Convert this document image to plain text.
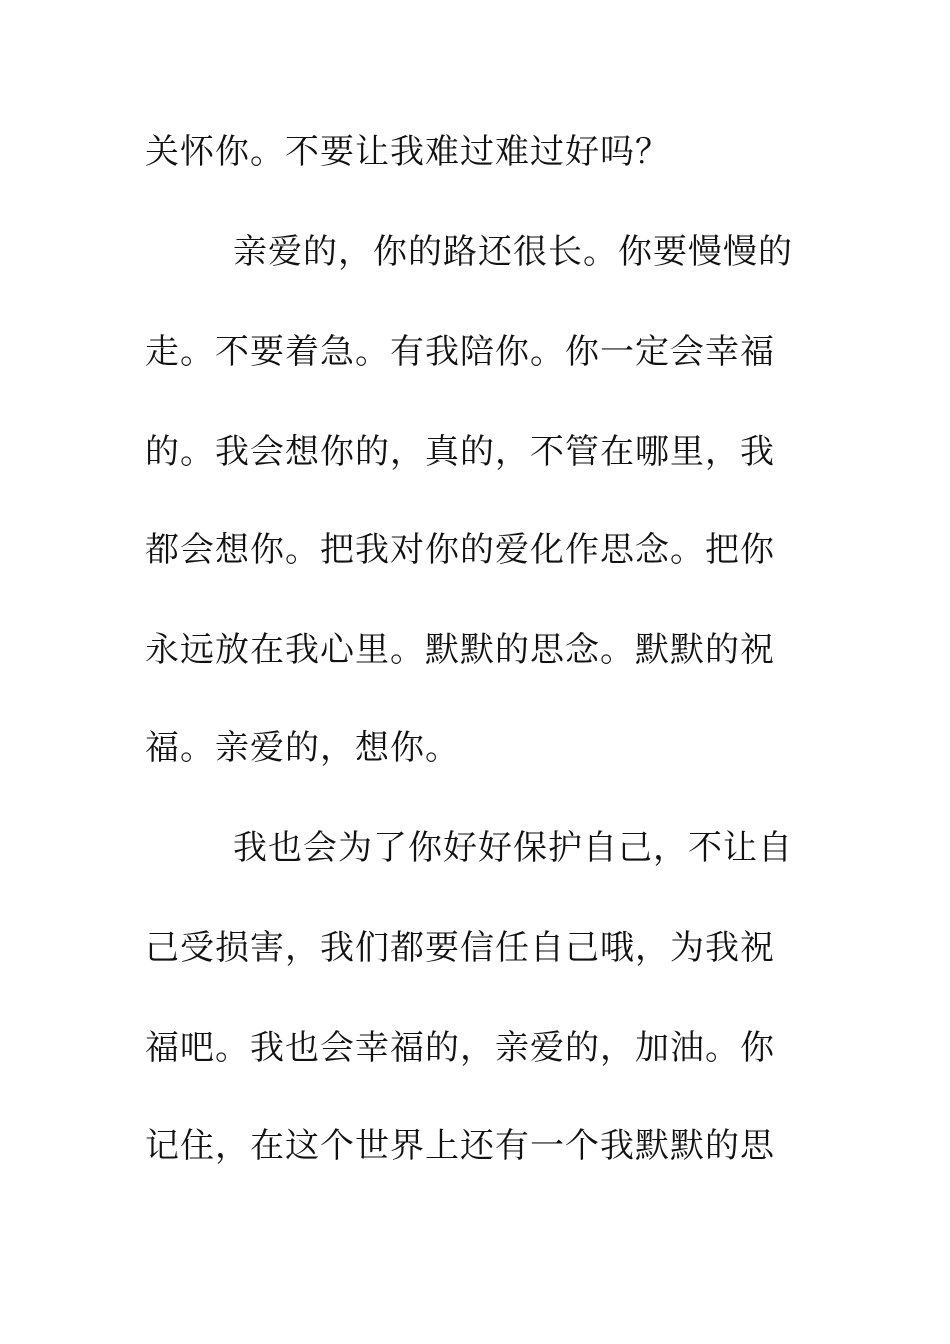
关怀你。不要让我难过难过好吗？
亲爱的，你的路还很长。你要慢慢的
走。不要着急。有我陪你。你一定会幸福
的。我会想你的，真的，不管在哪里，我
都会想你。把我对你的爱化作思念。把你
永远放在我心里。默默的思念。默默的祝
福。亲爱的，想你。
我也会为了你好好保护自己，不让自
己受损害，我们都要信任自己哦，为我祝
福吧。我也会幸福的，亲爱的，加油。你
记住，在这个世界上还有一个我默默的思
